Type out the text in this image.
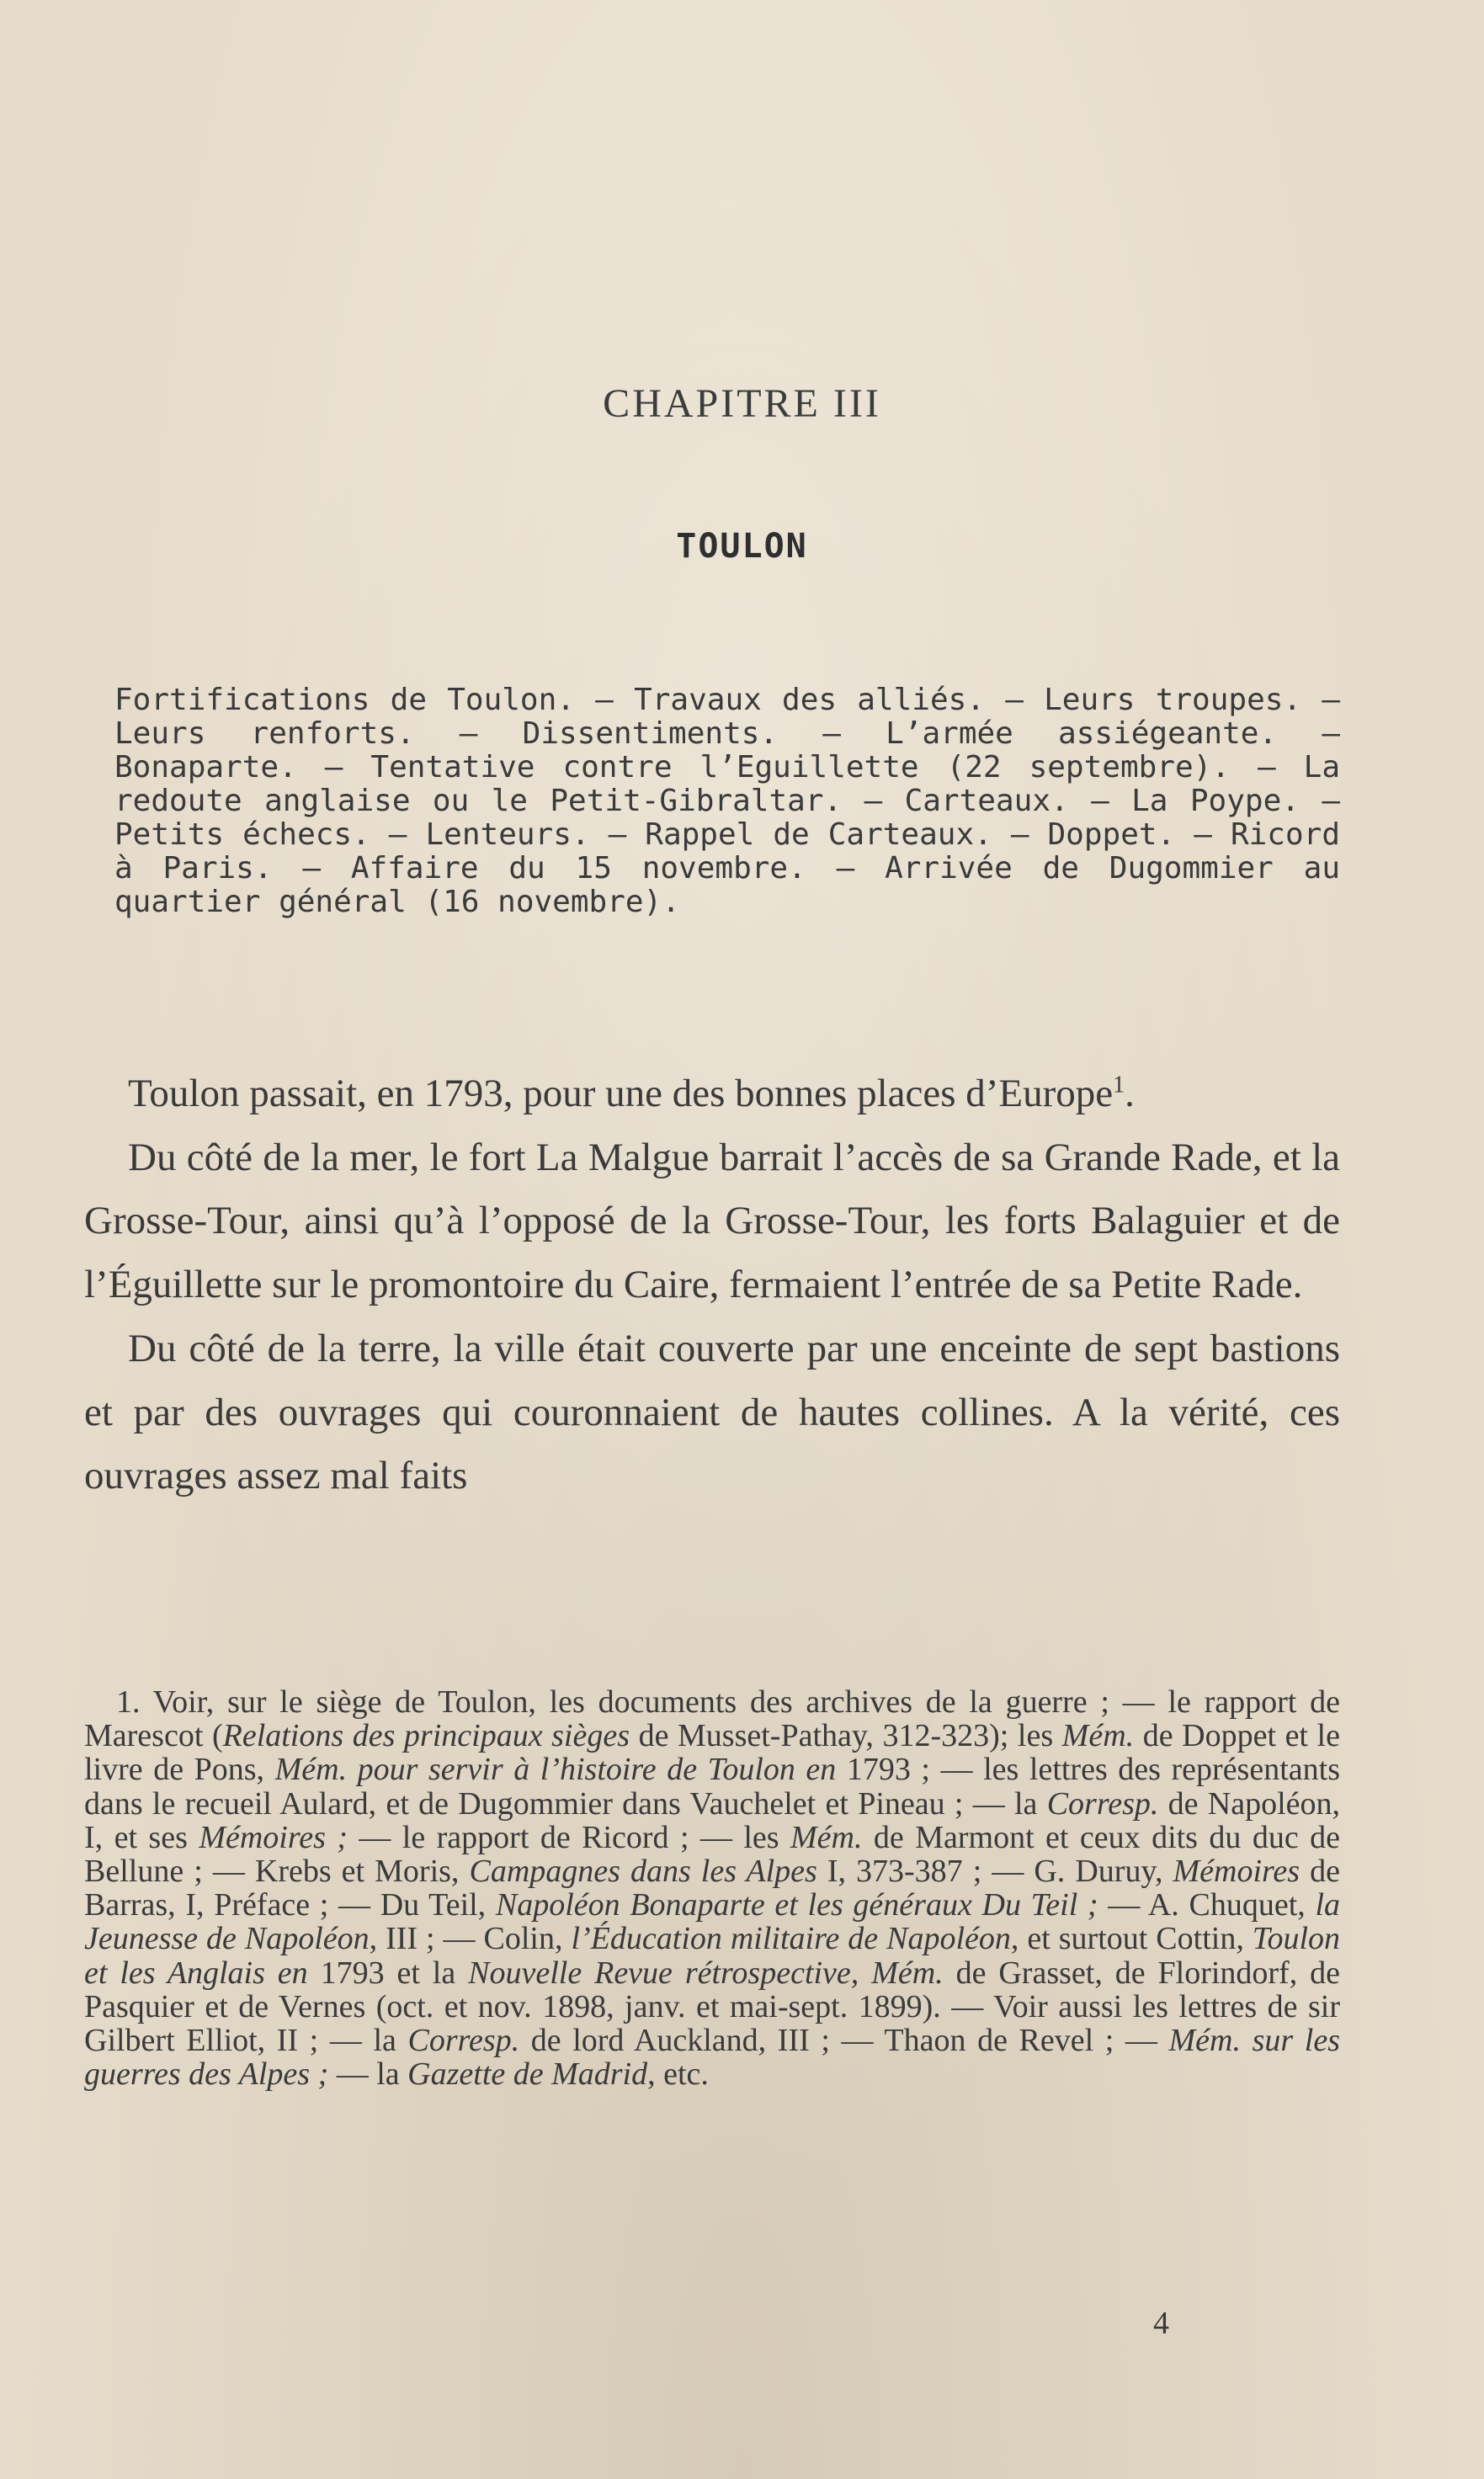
CHAPITRE III
TOULON
Fortifications de Toulon. — Travaux des alliés. — Leurs troupes. — Leurs renforts. — Dissentiments. — L’armée assiégeante. — Bonaparte. — Tentative contre l’Eguillette (22 septembre). — La redoute anglaise ou le Petit-Gibraltar. — Carteaux. — La Poype. — Petits échecs. — Lenteurs. — Rappel de Carteaux. — Doppet. — Ricord à Paris. — Affaire du 15 novembre. — Arrivée de Dugommier au quartier général (16 novembre).

Toulon passait, en 1793, pour une des bonnes places d’Europe$^1$.

Du côté de la mer, le fort La Malgue barrait l’accès de sa Grande Rade, et la Grosse-Tour, ainsi qu’à l’opposé de la Grosse-Tour, les forts Balaguier et de l’Éguillette sur le promontoire du Caire, fermaient l’entrée de sa Petite Rade.

Du côté de la terre, la ville était couverte par une enceinte de sept bastions et par des ouvrages qui couronnaient de hautes collines. A la vérité, ces ouvrages assez mal faits

1. Voir, sur le siège de Toulon, les documents des archives de la guerre ; — le rapport de Marescot (Relations des principaux sièges de Musset-Pathay, 312-323); les Mém. de Doppet et le livre de Pons, Mém. pour servir à l’histoire de Toulon en 1793 ; — les lettres des représentants dans le recueil Aulard, et de Dugommier dans Vauchelet et Pineau ; — la Corresp. de Napoléon, I, et ses Mémoires ; — le rapport de Ricord ; — les Mém. de Marmont et ceux dits du duc de Bellune ; — Krebs et Moris, Campagnes dans les Alpes I, 373-387 ; — G. Duruy, Mémoires de Barras, I, Préface ; — Du Teil, Napoléon Bonaparte et les généraux Du Teil ; — A. Chuquet, la Jeunesse de Napoléon, III ; — Colin, l’Éducation militaire de Napoléon, et surtout Cottin, Toulon et les Anglais en 1793 et la Nouvelle Revue rétrospective, Mém. de Grasset, de Florindorf, de Pasquier et de Vernes (oct. et nov. 1898, janv. et mai-sept. 1899). — Voir aussi les lettres de sir Gilbert Elliot, II ; — la Corresp. de lord Auckland, III ; — Thaon de Revel ; — Mém. sur les guerres des Alpes ; — la Gazette de Madrid, etc.

4
